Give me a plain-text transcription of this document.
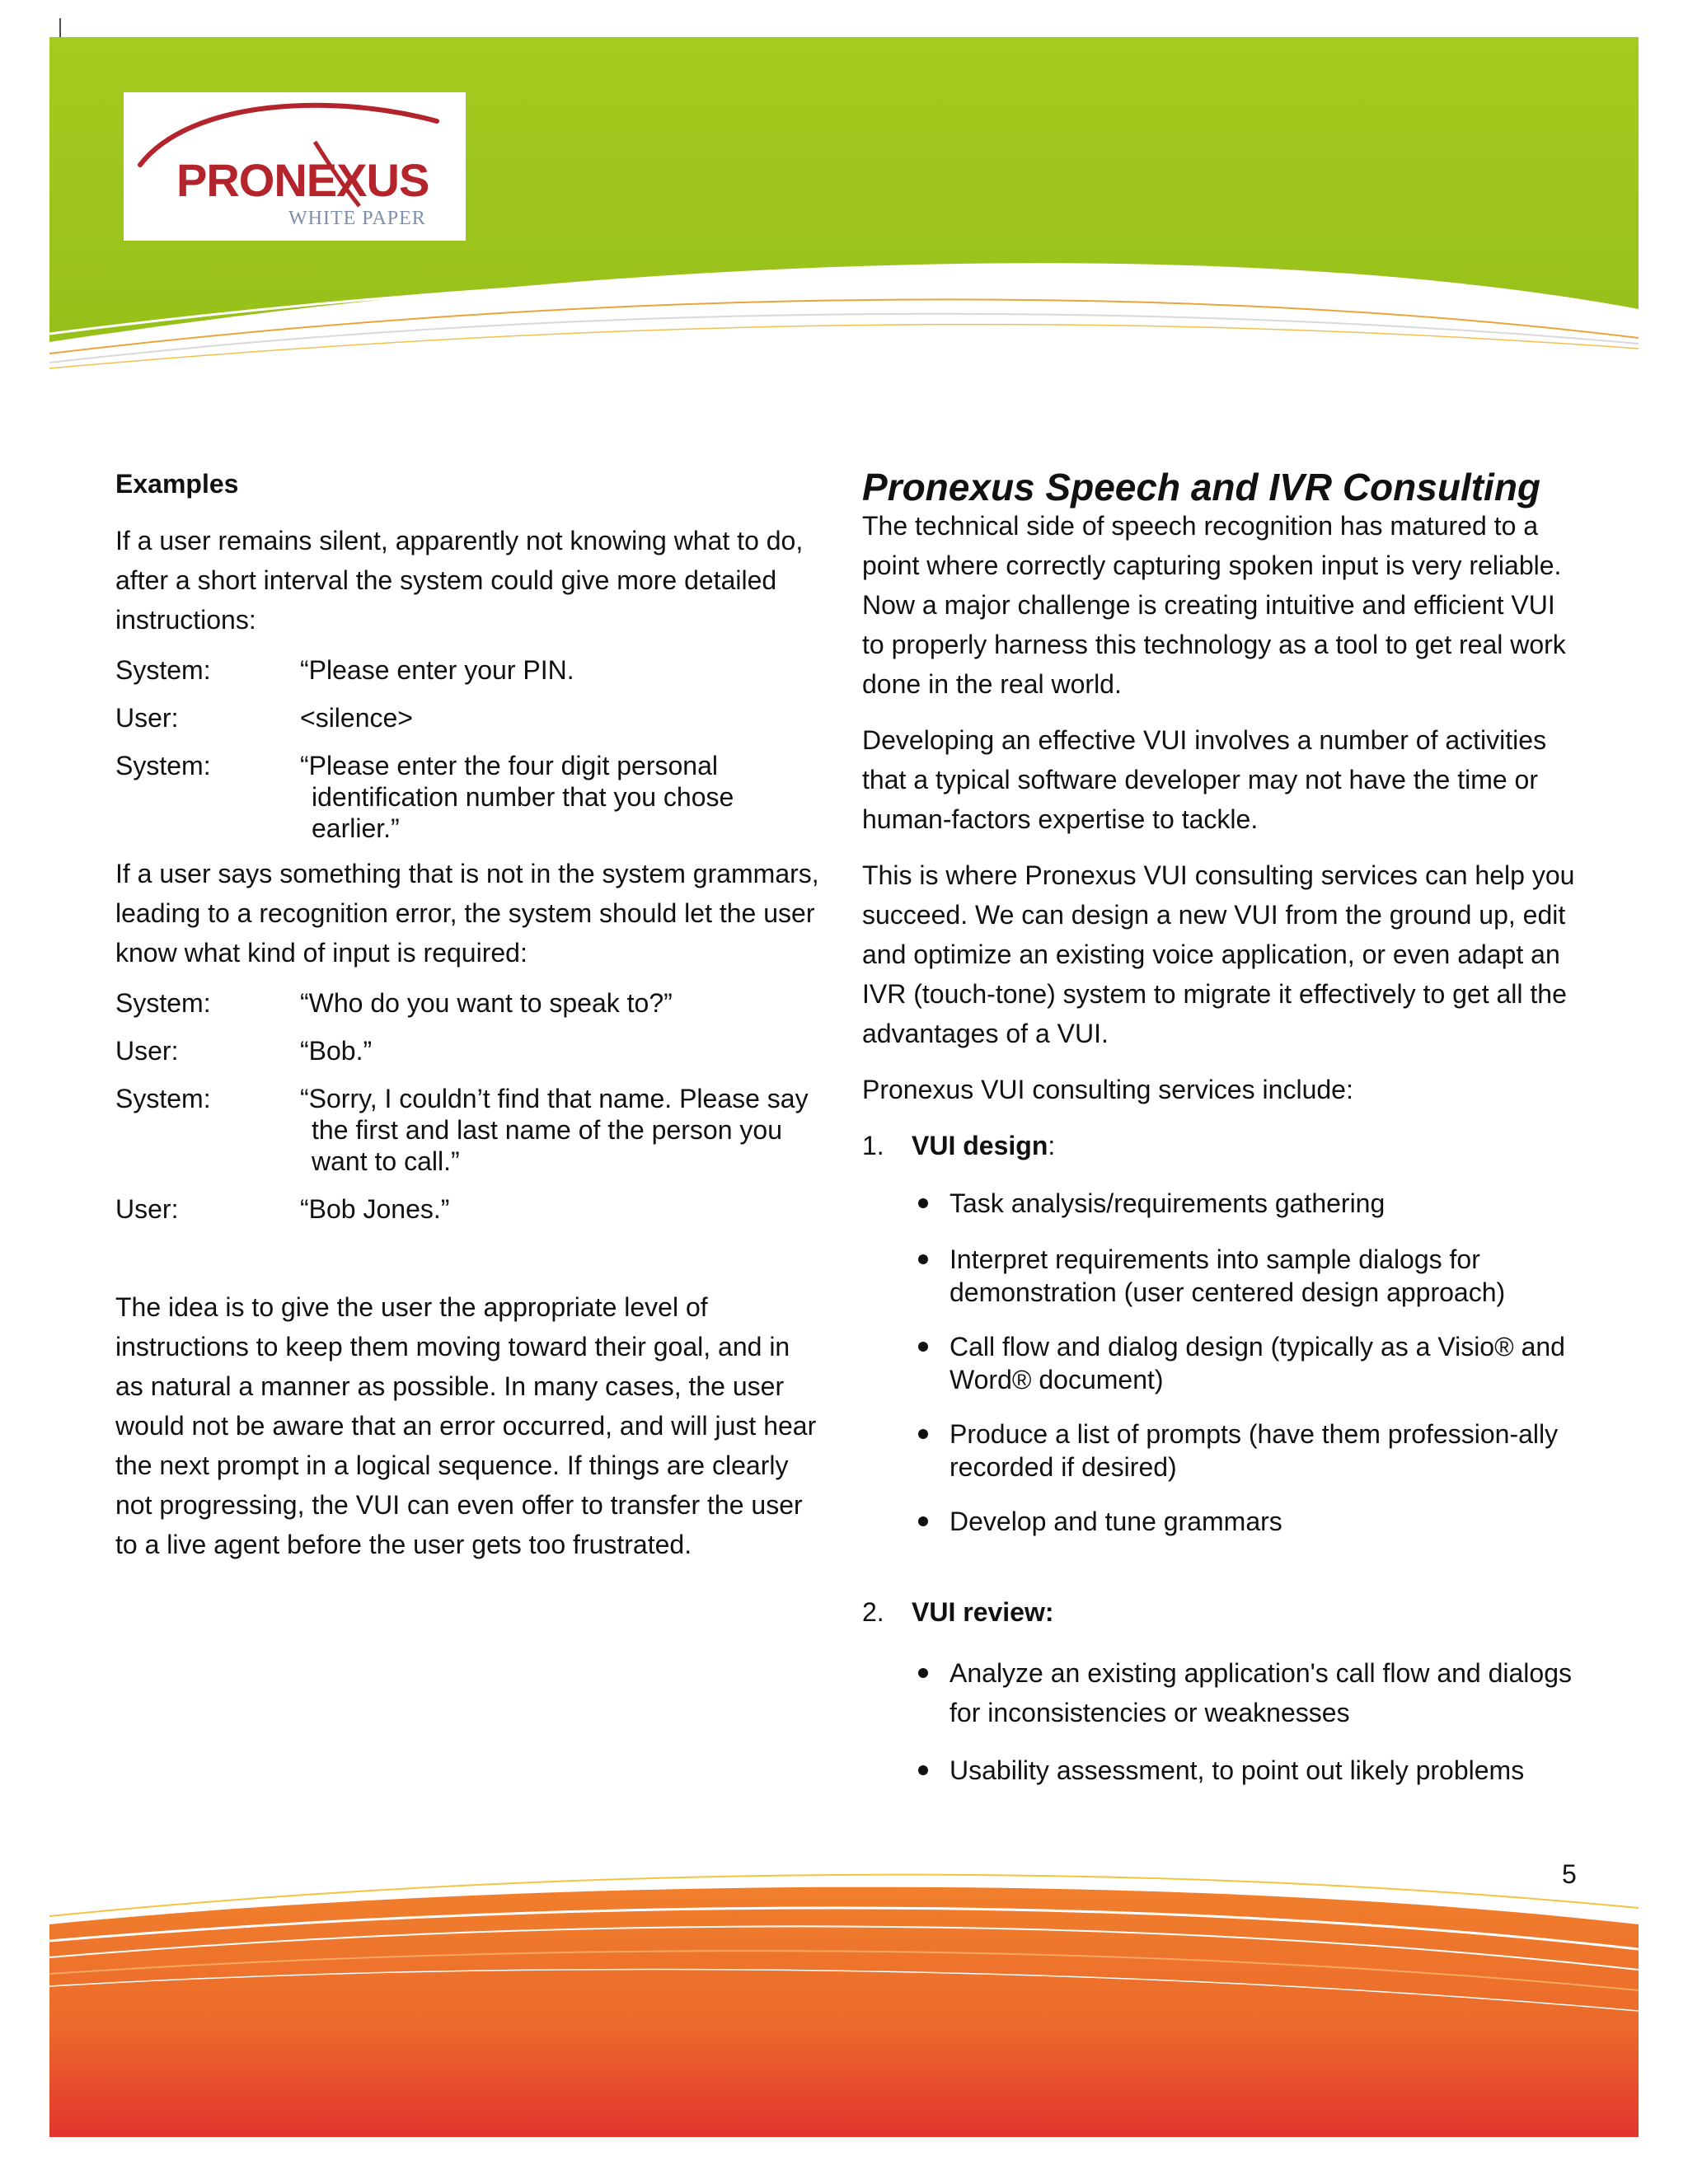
PRONEXUS
WHITE PAPER

Examples

If a user remains silent, apparently not knowing what to do, after a short interval the system could give more detailed instructions:

System:	“Please enter your PIN.
User:	<silence>
System:	“Please enter the four digit personal identification number that you chose earlier.”

If a user says something that is not in the system grammars, leading to a recognition error, the system should let the user know what kind of input is required:

System:	“Who do you want to speak to?”
User:	“Bob.”
System:	“Sorry, I couldn’t find that name. Please say the first and last name of the person you want to call.”
User:	“Bob Jones.”

The idea is to give the user the appropriate level of instructions to keep them moving toward their goal, and in as natural a manner as possible. In many cases, the user would not be aware that an error occurred, and will just hear the next prompt in a logical sequence. If things are clearly not progressing, the VUI can even offer to transfer the user to a live agent before the user gets too frustrated.

Pronexus Speech and IVR Consulting

The technical side of speech recognition has matured to a point where correctly capturing spoken input is very reliable. Now a major challenge is creating intuitive and efficient VUI to properly harness this technology as a tool to get real work done in the real world.

Developing an effective VUI involves a number of activities that a typical software developer may not have the time or human-factors expertise to tackle.

This is where Pronexus VUI consulting services can help you succeed. We can design a new VUI from the ground up, edit and optimize an existing voice application, or even adapt an IVR (touch-tone) system to migrate it effectively to get all the advantages of a VUI.

Pronexus VUI consulting services include:

1. VUI design:

Task analysis/requirements gathering
Interpret requirements into sample dialogs for demonstration (user centered design approach)
Call flow and dialog design (typically as a Visio® and Word® document)
Produce a list of prompts (have them profession-ally recorded if desired)
Develop and tune grammars

2. VUI review:

Analyze an existing application's call flow and dialogs for inconsistencies or weaknesses
Usability assessment, to point out likely problems
5
